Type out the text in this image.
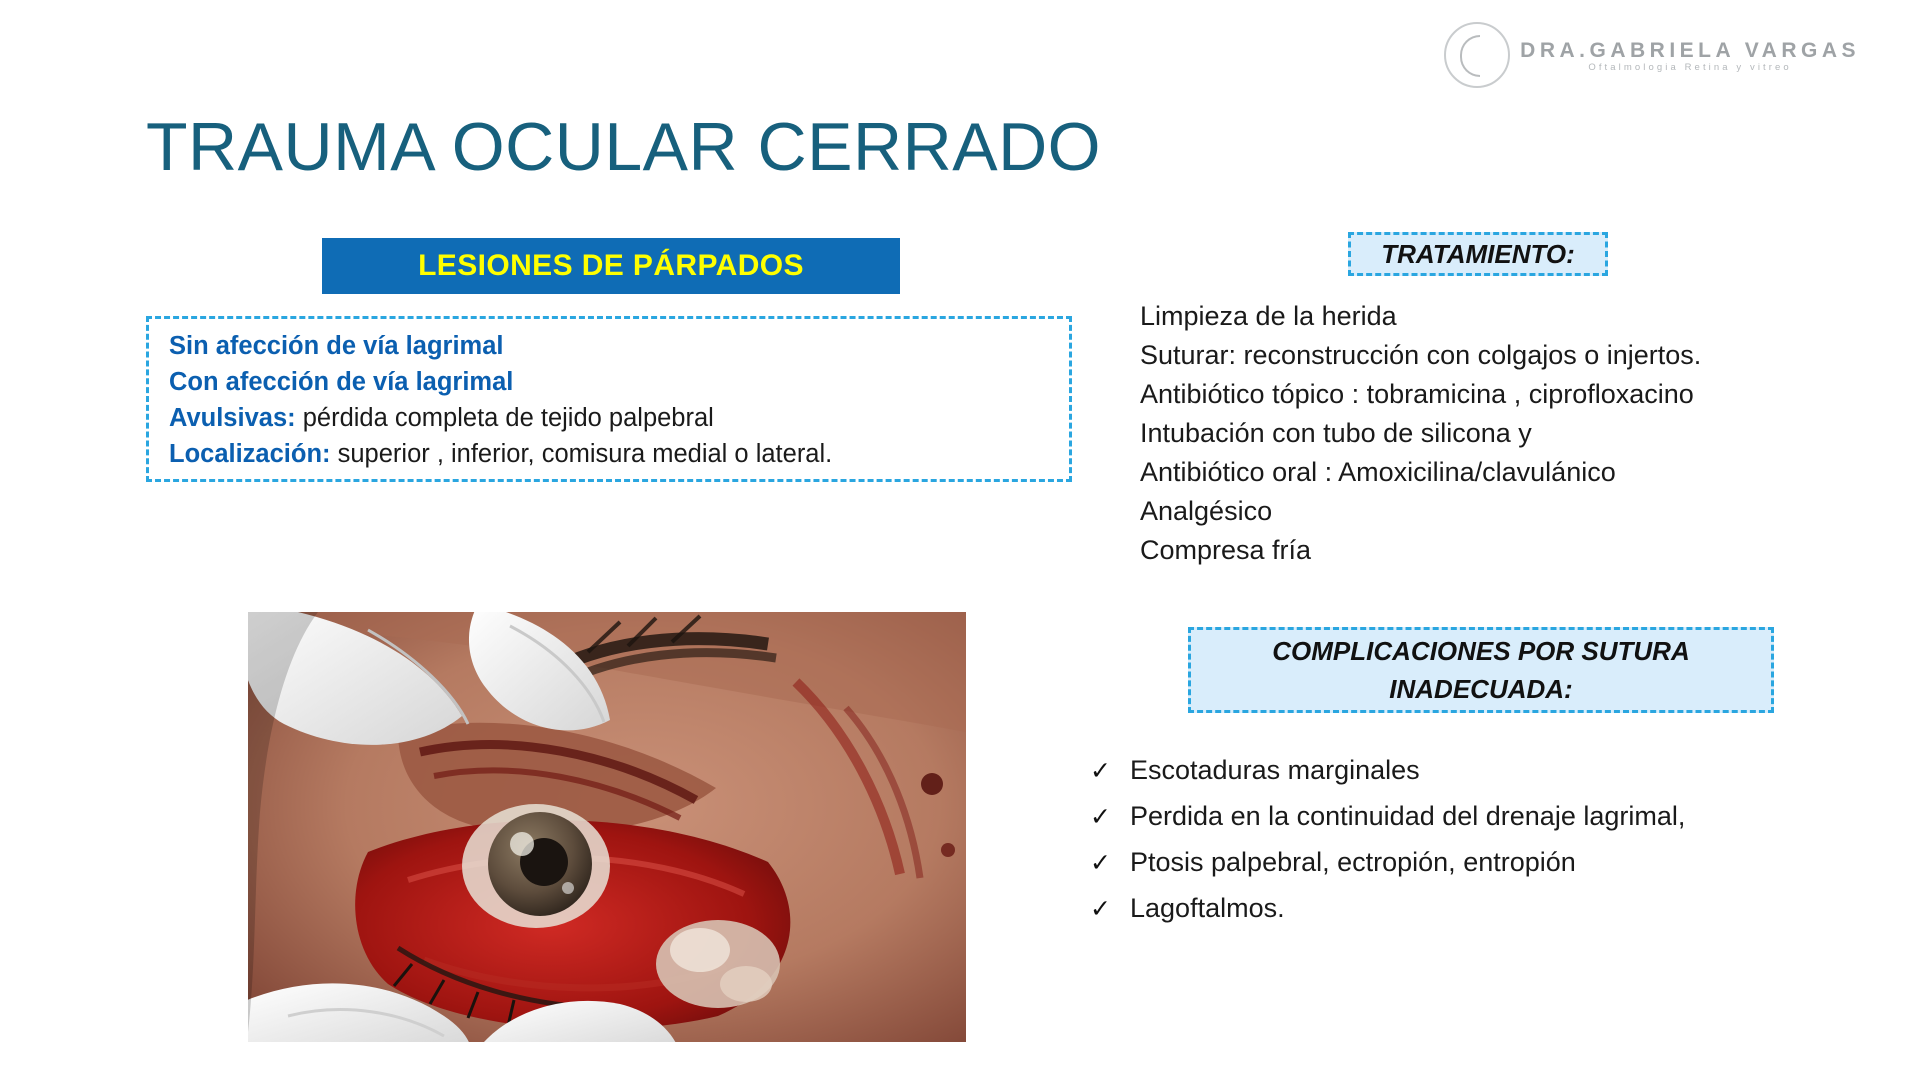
DRA.GABRIELA VARGAS
Oftalmologia Retina y vitreo
TRAUMA OCULAR CERRADO
LESIONES DE PÁRPADOS
Sin afección de vía lagrimal
Con afección de vía lagrimal
Avulsivas: pérdida completa de tejido palpebral
Localización: superior , inferior, comisura medial o lateral.
TRATAMIENTO:
Limpieza de la herida
Suturar: reconstrucción con colgajos o injertos.
Antibiótico tópico : tobramicina , ciprofloxacino
Intubación con tubo de silicona y
Antibiótico oral : Amoxicilina/clavulánico
Analgésico
Compresa fría
COMPLICACIONES POR SUTURA
INADECUADA:
✓ Escotaduras marginales
✓ Perdida en la continuidad del drenaje lagrimal,
✓ Ptosis palpebral, ectropión, entropión
✓ Lagoftalmos.
